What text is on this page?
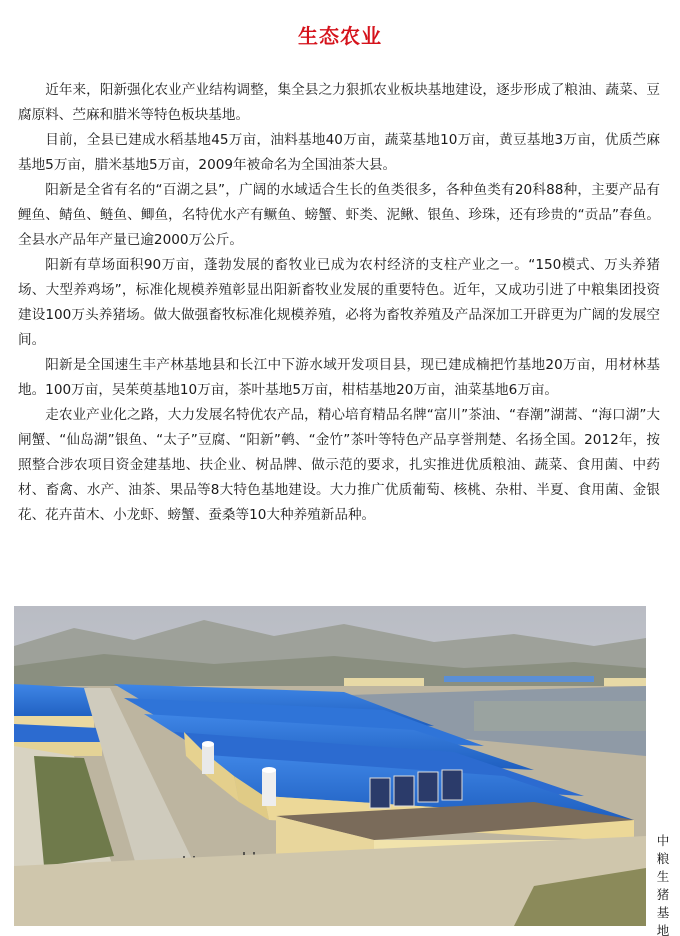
生态农业

近年来，阳新强化农业产业结构调整，集全县之力狠抓农业板块基地建设，逐步形成了粮油、蔬菜、豆腐原料、苎麻和腊米等特色板块基地。

目前，全县已建成水稻基地45万亩，油料基地40万亩，蔬菜基地10万亩，黄豆基地3万亩，优质苎麻基地5万亩，腊米基地5万亩，2009年被命名为全国油茶大县。

阳新是全省有名的“百湖之县”，广阔的水域适合生长的鱼类很多，各种鱼类有20科88种，主要产品有鲤鱼、鲭鱼、鲢鱼、鲫鱼，名特优水产有鳜鱼、螃蟹、虾类、泥鳅、银鱼、珍珠，还有珍贵的“贡品”春鱼。全县水产品年产量已逾2000万公斤。

阳新有草场面积90万亩，蓬勃发展的畜牧业已成为农村经济的支柱产业之一。“150模式、万头养猪场、大型养鸡场”，标准化规模养殖彰显出阳新畜牧业发展的重要特色。近年，又成功引进了中粮集团投资建设100万头养猪场。做大做强畜牧标准化规模养殖，必将为畜牧养殖及产品深加工开辟更为广阔的发展空间。

阳新是全国速生丰产林基地县和长江中下游水域开发项目县，现已建成楠把竹基地20万亩，用材林基地。100万亩，吴茱萸基地10万亩，茶叶基地5万亩，柑桔基地20万亩，油菜基地6万亩。

走农业产业化之路，大力发展名特优农产品，精心培育精品名牌“富川”茶油、“春潮”湖蒿、“海口湖”大闸蟹、“仙岛湖”银鱼、“太子”豆腐、“阳新”鹌、“金竹”茶叶等特色产品享誉荆楚、名扬全国。2012年，按照整合涉农项目资金建基地、扶企业、树品牌、做示范的要求，扎实推进优质粮油、蔬菜、食用菌、中药材、畜禽、水产、油茶、果品等8大特色基地建设。大力推广优质葡萄、核桃、杂柑、半夏、食用菌、金银花、花卉苗木、小龙虾、螃蟹、蚕桑等10大种养殖新品种。

中
粮
生
猪
基
地
